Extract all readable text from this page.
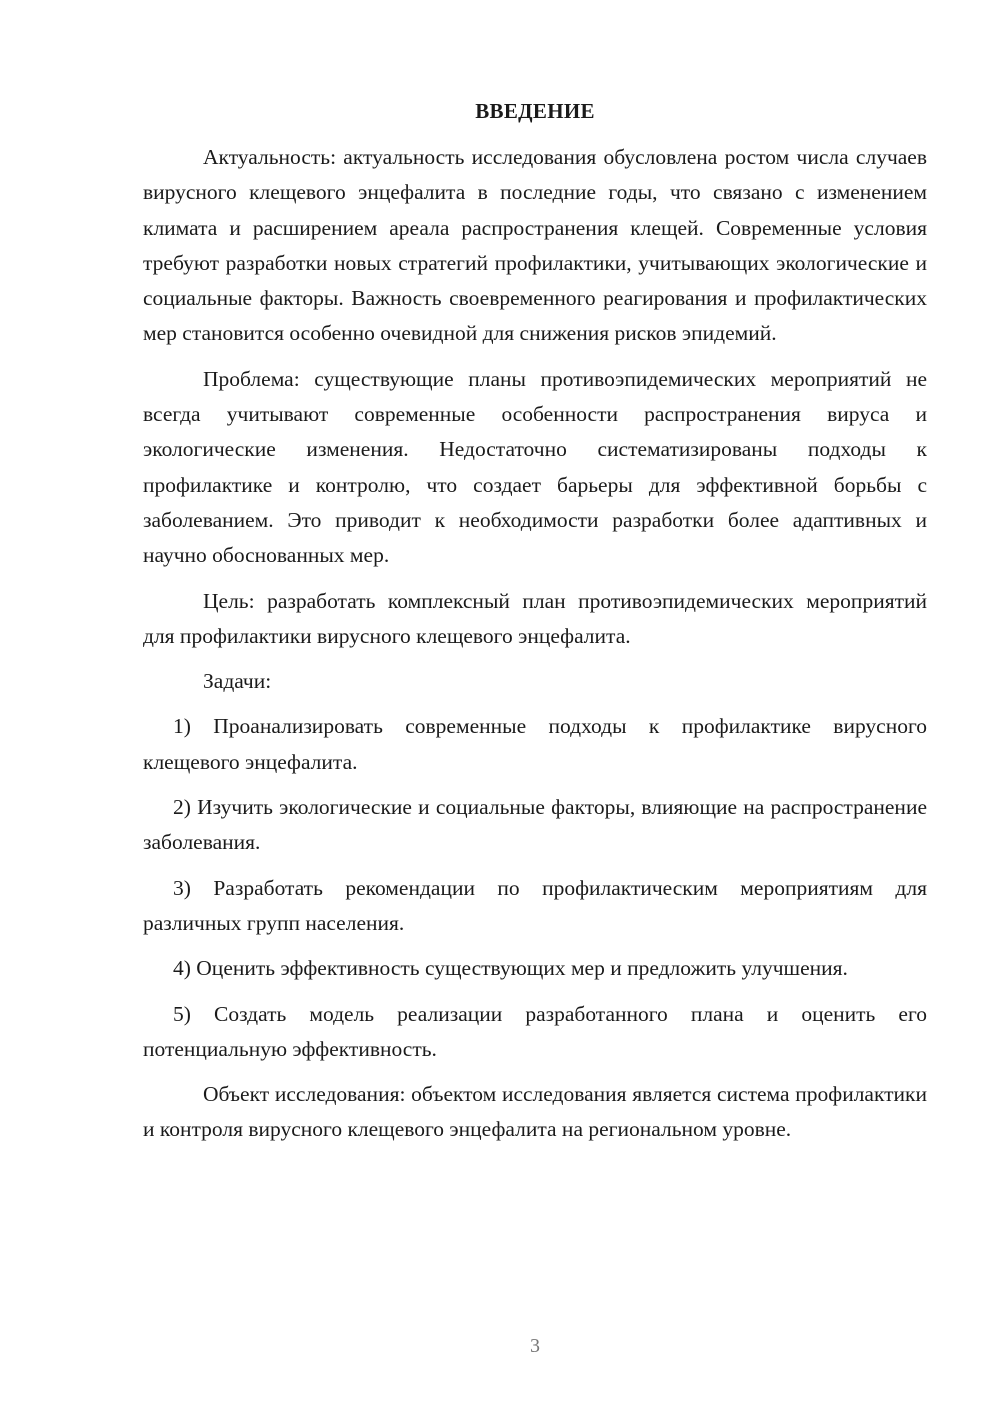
ВВЕДЕНИЕ

Актуальность: актуальность исследования обусловлена ростом числа случаев вирусного клещевого энцефалита в последние годы, что связано с изменением климата и расширением ареала распространения клещей. Современные условия требуют разработки новых стратегий профилактики, учитывающих экологические и социальные факторы. Важность своевременного реагирования и профилактических мер становится особенно очевидной для снижения рисков эпидемий.

Проблема: существующие планы противоэпидемических мероприятий не всегда учитывают современные особенности распространения вируса и экологические изменения. Недостаточно систематизированы подходы к профилактике и контролю, что создает барьеры для эффективной борьбы с заболеванием. Это приводит к необходимости разработки более адаптивных и научно обоснованных мер.

Цель: разработать комплексный план противоэпидемических мероприятий для профилактики вирусного клещевого энцефалита.

Задачи:

1) Проанализировать современные подходы к профилактике вирусного клещевого энцефалита.

2) Изучить экологические и социальные факторы, влияющие на распространение заболевания.

3) Разработать рекомендации по профилактическим мероприятиям для различных групп населения.

4) Оценить эффективность существующих мер и предложить улучшения.

5) Создать модель реализации разработанного плана и оценить его потенциальную эффективность.

Объект исследования: объектом исследования является система профилактики и контроля вирусного клещевого энцефалита на региональном уровне.

3
